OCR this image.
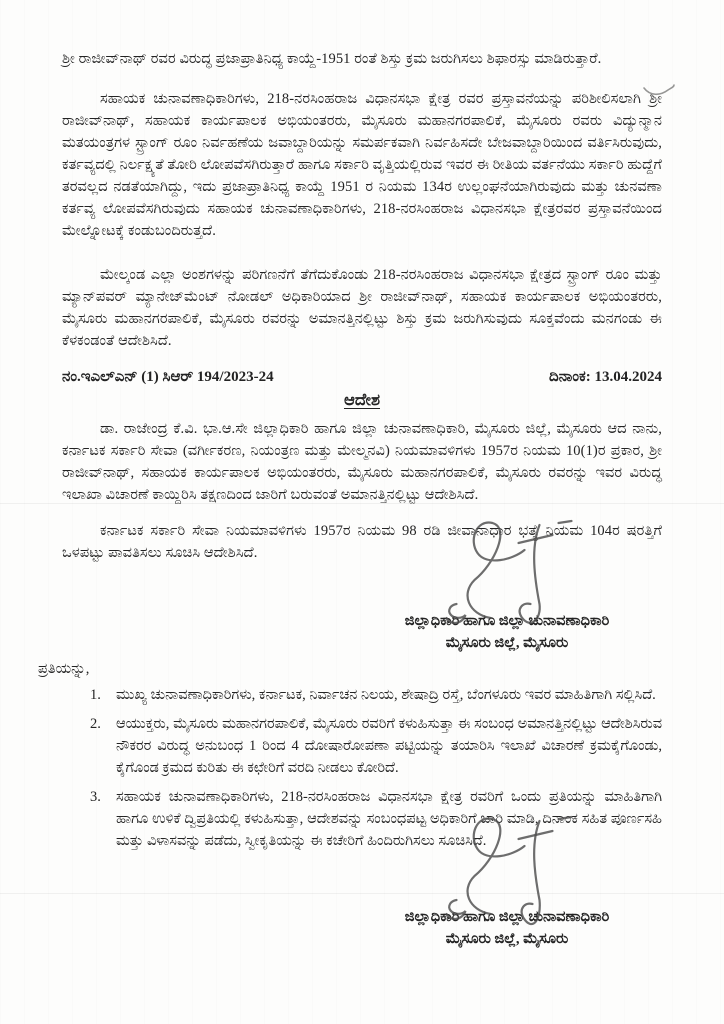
ಶ್ರೀ ರಾಜೀವ್‌ನಾಥ್ ರವರ ವಿರುದ್ಧ ಪ್ರಜಾಪ್ರಾತಿನಿಧ್ಯ ಕಾಯ್ದೆ-1951 ರಂತೆ ಶಿಸ್ತು ಕ್ರಮ ಜರುಗಿಸಲು ಶಿಫಾರಸ್ಸು ಮಾಡಿರುತ್ತಾರೆ.

ಸಹಾಯಕ ಚುನಾವಣಾಧಿಕಾರಿಗಳು, 218-ನರಸಿಂಹರಾಜ ವಿಧಾನಸಭಾ ಕ್ಷೇತ್ರ ರವರ ಪ್ರಸ್ತಾವನೆಯನ್ನು ಪರಿಶೀಲಿಸಲಾಗಿ ಶ್ರೀ ರಾಜೀವ್‌ನಾಥ್, ಸಹಾಯಕ ಕಾರ್ಯಪಾಲಕ ಅಭಿಯಂತರರು, ಮೈಸೂರು ಮಹಾನಗರಪಾಲಿಕೆ, ಮೈಸೂರು ರವರು ವಿದ್ಯುನ್ಮಾನ ಮತಯಂತ್ರಗಳ ಸ್ಟ್ರಾಂಗ್ ರೂಂ ನಿರ್ವಹಣೆಯ ಜವಾಬ್ದಾರಿಯನ್ನು ಸಮರ್ಪಕವಾಗಿ ನಿರ್ವಹಿಸದೇ ಬೇಜವಾಬ್ದಾರಿಯಿಂದ ವರ್ತಿಸಿರುವುದು, ಕರ್ತವ್ಯದಲ್ಲಿ ನಿರ್ಲಕ್ಷ್ಯತೆ ತೋರಿ ಲೋಪವೆಸಗಿರುತ್ತಾರೆ ಹಾಗೂ ಸರ್ಕಾರಿ ವೃತ್ತಿಯಲ್ಲಿರುವ ಇವರ ಈ ರೀತಿಯ ವರ್ತನೆಯು ಸರ್ಕಾರಿ ಹುದ್ದೆಗೆ ತರವಲ್ಲದ ನಡತೆಯಾಗಿದ್ದು, ಇದು ಪ್ರಜಾಪ್ರಾತಿನಿಧ್ಯ ಕಾಯ್ದೆ 1951 ರ ನಿಯಮ 134ರ ಉಲ್ಲಂಘನೆಯಾಗಿರುವುದು ಮತ್ತು ಚುನವಣಾ ಕರ್ತವ್ಯ ಲೋಪವೆಸಗಿರುವುದು ಸಹಾಯಕ ಚುನಾವಣಾಧಿಕಾರಿಗಳು, 218-ನರಸಿಂಹರಾಜ ವಿಧಾನಸಭಾ ಕ್ಷೇತ್ರರವರ ಪ್ರಸ್ತಾವನೆಯಿಂದ ಮೇಲ್ನೋಟಕ್ಕೆ ಕಂಡುಬಂದಿರುತ್ತದೆ.

ಮೇಲ್ಕಂಡ ಎಲ್ಲಾ ಅಂಶಗಳನ್ನು ಪರಿಗಣನೆಗೆ ತೆಗೆದುಕೊಂಡು 218-ನರಸಿಂಹರಾಜ ವಿಧಾನಸಭಾ ಕ್ಷೇತ್ರದ ಸ್ಟ್ರಾಂಗ್ ರೂಂ ಮತ್ತು ಮ್ಯಾನ್‌ಪವರ್ ಮ್ಯಾನೇಜ್‌ಮೆಂಟ್ ನೋಡಲ್ ಅಧಿಕಾರಿಯಾದ ಶ್ರೀ ರಾಜೀವ್‌ನಾಥ್, ಸಹಾಯಕ ಕಾರ್ಯಪಾಲಕ ಅಭಿಯಂತರರು, ಮೈಸೂರು ಮಹಾನಗರಪಾಲಿಕೆ, ಮೈಸೂರು ರವರನ್ನು ಅಮಾನತ್ತಿನಲ್ಲಿಟ್ಟು ಶಿಸ್ತು ಕ್ರಮ ಜರುಗಿಸುವುದು ಸೂಕ್ತವೆಂದು ಮನಗಂಡು ಈ ಕೆಳಕಂಡಂತೆ ಆದೇಶಿಸಿದೆ.

ನಂ.ಇಎಲ್‌ಎನ್ (1) ಸಿಆರ್ 194/2023-24	ದಿನಾಂಕ: 13.04.2024
ಆದೇಶ

ಡಾ. ರಾಜೇಂದ್ರ ಕೆ.ವಿ. ಭಾ.ಆ.ಸೇ ಜಿಲ್ಲಾಧಿಕಾರಿ ಹಾಗೂ ಜಿಲ್ಲಾ ಚುನಾವಣಾಧಿಕಾರಿ, ಮೈಸೂರು ಜಿಲ್ಲೆ, ಮೈಸೂರು ಆದ ನಾನು, ಕರ್ನಾಟಕ ಸರ್ಕಾರಿ ಸೇವಾ (ವರ್ಗೀಕರಣ, ನಿಯಂತ್ರಣ ಮತ್ತು ಮೇಲ್ಮನವಿ) ನಿಯಮಾವಳಿಗಳು 1957ರ ನಿಯಮ 10(1)ರ ಪ್ರಕಾರ, ಶ್ರೀ ರಾಜೀವ್‌ನಾಥ್, ಸಹಾಯಕ ಕಾರ್ಯಪಾಲಕ ಅಭಿಯಂತರರು, ಮೈಸೂರು ಮಹಾನಗರಪಾಲಿಕೆ, ಮೈಸೂರು ರವರನ್ನು ಇವರ ವಿರುದ್ಧ ಇಲಾಖಾ ವಿಚಾರಣೆ ಕಾಯ್ದಿರಿಸಿ ತಕ್ಷಣದಿಂದ ಜಾರಿಗೆ ಬರುವಂತೆ ಅಮಾನತ್ತಿನಲ್ಲಿಟ್ಟು ಆದೇಶಿಸಿದೆ.

ಕರ್ನಾಟಕ ಸರ್ಕಾರಿ ಸೇವಾ ನಿಯಮಾವಳಿಗಳು 1957ರ ನಿಯಮ 98 ರಡಿ ಜೀವಾನಾಧಾರ ಭತ್ಯೆ ನಿಯಮ 104ರ ಷರತ್ತಿಗೆ ಒಳಪಟ್ಟು ಪಾವತಿಸಲು ಸೂಚಿಸಿ ಆದೇಶಿಸಿದೆ.

ಜಿಲ್ಲಾಧಿಕಾರಿ ಹಾಗೂ ಜಿಲ್ಲಾ ಚುನಾವಣಾಧಿಕಾರಿ
ಮೈಸೂರು ಜಿಲ್ಲೆ, ಮೈಸೂರು
ಪ್ರತಿಯನ್ನು,
ಮುಖ್ಯ ಚುನಾವಣಾಧಿಕಾರಿಗಳು, ಕರ್ನಾಟಕ, ನಿರ್ವಾಚನ ನಿಲಯ, ಶೇಷಾದ್ರಿ ರಸ್ತೆ, ಬೆಂಗಳೂರು ಇವರ ಮಾಹಿತಿಗಾಗಿ ಸಲ್ಲಿಸಿದೆ.
ಆಯುಕ್ತರು, ಮೈಸೂರು ಮಹಾನಗರಪಾಲಿಕೆ, ಮೈಸೂರು ರವರಿಗೆ ಕಳುಹಿಸುತ್ತಾ ಈ ಸಂಬಂಧ ಅಮಾನತ್ತಿನಲ್ಲಿಟ್ಟು ಆದೇಶಿಸಿರುವ ನೌಕರರ ವಿರುದ್ಧ ಅನುಬಂಧ 1 ರಿಂದ 4 ದೋಷಾರೋಪಣಾ ಪಟ್ಟಿಯನ್ನು ತಯಾರಿಸಿ ಇಲಾಖೆ ವಿಚಾರಣೆ ಕ್ರಮಕೈಗೊಂಡು, ಕೈಗೊಂಡ ಕ್ರಮದ ಕುರಿತು ಈ ಕಛೇರಿಗೆ ವರದಿ ನೀಡಲು ಕೋರಿದೆ.
ಸಹಾಯಕ ಚುನಾವಣಾಧಿಕಾರಿಗಳು, 218-ನರಸಿಂಹರಾಜ ವಿಧಾನಸಭಾ ಕ್ಷೇತ್ರ ರವರಿಗೆ ಒಂದು ಪ್ರತಿಯನ್ನು ಮಾಹಿತಿಗಾಗಿ ಹಾಗೂ ಉಳಿಕೆ ದ್ವಿಪ್ರತಿಯಲ್ಲಿ ಕಳುಹಿಸುತ್ತಾ, ಆದೇಶವನ್ನು ಸಂಬಂಧಪಟ್ಟ ಅಧಿಕಾರಿಗೆ ಜಾರಿ ಮಾಡಿ, ದಿನಾಂಕ ಸಹಿತ ಪೂರ್ಣಸಹಿ ಮತ್ತು ವಿಳಾಸವನ್ನು ಪಡೆದು, ಸ್ವೀಕೃತಿಯನ್ನು ಈ ಕಚೇರಿಗೆ ಹಿಂದಿರುಗಿಸಲು ಸೂಚಿಸಿದೆ.
ಜಿಲ್ಲಾಧಿಕಾರಿ ಹಾಗೂ ಜಿಲ್ಲಾ ಚುನಾವಣಾಧಿಕಾರಿ
ಮೈಸೂರು ಜಿಲ್ಲೆ, ಮೈಸೂರು
